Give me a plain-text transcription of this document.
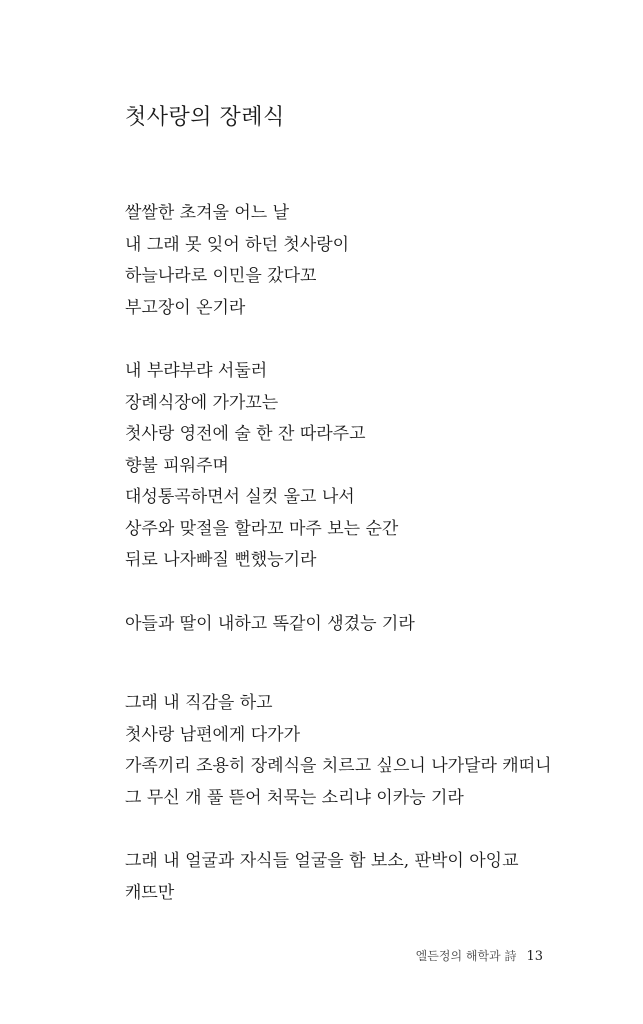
첫사랑의 장례식
쌀쌀한 초겨울 어느 날
내 그래 못 잊어 하던 첫사랑이
하늘나라로 이민을 갔다꼬
부고장이 온기라
내 부랴부랴 서둘러
장례식장에 가가꼬는
첫사랑 영전에 술 한 잔 따라주고
향불 피워주며
대성통곡하면서 실컷 울고 나서
상주와 맞절을 할라꼬 마주 보는 순간
뒤로 나자빠질 뻔했능기라
아들과 딸이 내하고 똑같이 생겼능 기라
그래 내 직감을 하고
첫사랑 남편에게 다가가
가족끼리 조용히 장례식을 치르고 싶으니 나가달라 캐떠니
그 무신 개 풀 뜯어 처묵는 소리냐 이카능 기라
그래 내 얼굴과 자식들 얼굴을 함 보소, 판박이 아잉교
캐뜨만
엘든정의 해학과 詩 13
